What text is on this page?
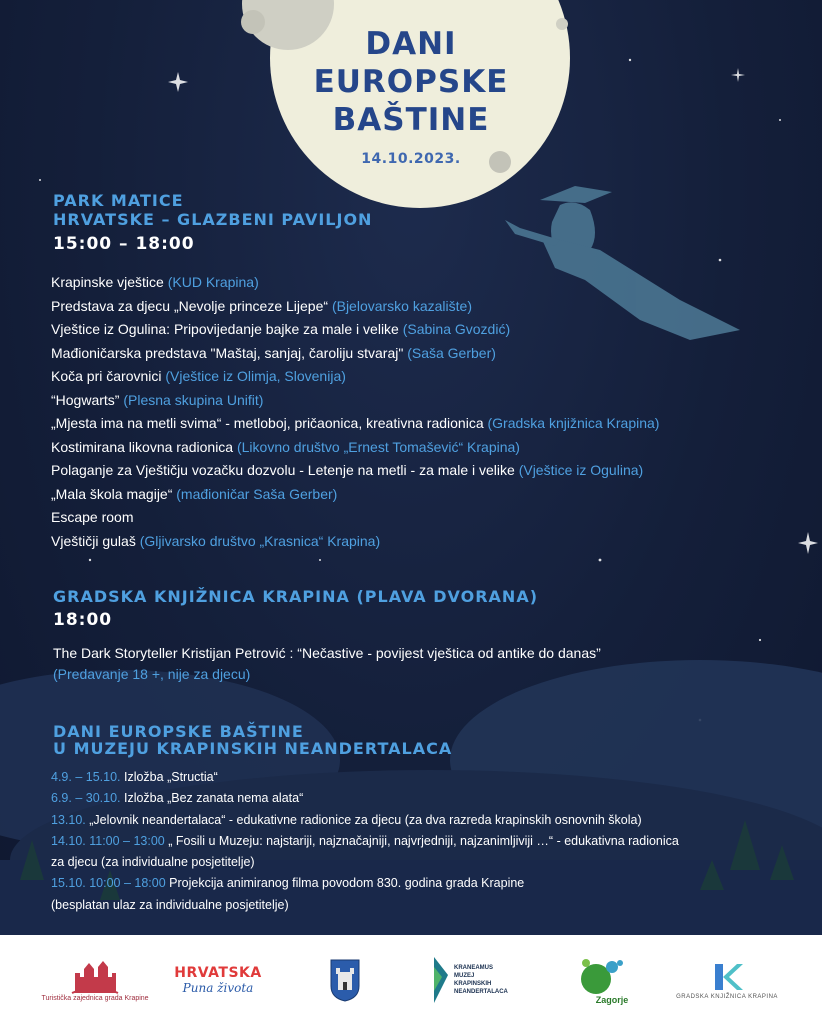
DANI
EUROPSKE
BAŠTINE
14.10.2023.
PARK MATICE
HRVATSKE – GLAZBENI PAVILJON
15:00 – 18:00
Krapinske vještice (KUD Krapina)
Predstava za djecu „Nevolje princeze Lijepe“ (Bjelovarsko kazalište)
Vještice iz Ogulina: Pripovijedanje bajke za male i velike (Sabina Gvozdić)
Mađioničarska predstava "Maštaj, sanjaj, čaroliju stvaraj" (Saša Gerber)
Koča pri čarovnici (Vještice iz Olimja, Slovenija)
“Hogwarts” (Plesna skupina Unifit)
„Mjesta ima na metli svima“ - metloboj, pričaonica, kreativna radionica (Gradska knjižnica Krapina)
Kostimirana likovna radionica (Likovno društvo „Ernest Tomašević“ Krapina)
Polaganje za Vještičju vozačku dozvolu - Letenje na metli - za male i velike (Vještice iz Ogulina)
„Mala škola magije“ (mađioničar Saša Gerber)
Escape room
Vještičji gulaš (Gljivarsko društvo „Krasnica“ Krapina)
GRADSKA KNJIŽNICA KRAPINA (PLAVA DVORANA)
18:00
The Dark Storyteller Kristijan Petrović : “Nečastive - povijest vještica od antike do danas”
(Predavanje 18 +, nije za djecu)
DANI EUROPSKE BAŠTINE
U MUZEJU KRAPINSKIH NEANDERTALACA
4.9. – 15.10. Izložba „Structia“
6.9. – 30.10. Izložba „Bez zanata nema alata“
13.10. „Jelovnik neandertalaca“ - edukativne radionice za djecu (za dva razreda krapinskih osnovnih škola)
14.10. 11:00 – 13:00 „ Fosili u Muzeju: najstariji, najznačajniji, najvrjedniji, najzanimljiviji …“ - edukativna radionica
za djecu (za individualne posjetitelje)
15.10. 10:00 – 18:00 Projekcija animiranog filma povodom 830. godina grada Krapine
(besplatan ulaz za individualne posjetitelje)
Turistička zajednica grada Krapine
HRVATSKA
Puna života
KRANEAMUS
MUZEJ
KRAPINSKIH
NEANDERTALACA
Zagorje	GRADSKA KNJIŽNICA KRAPINA
